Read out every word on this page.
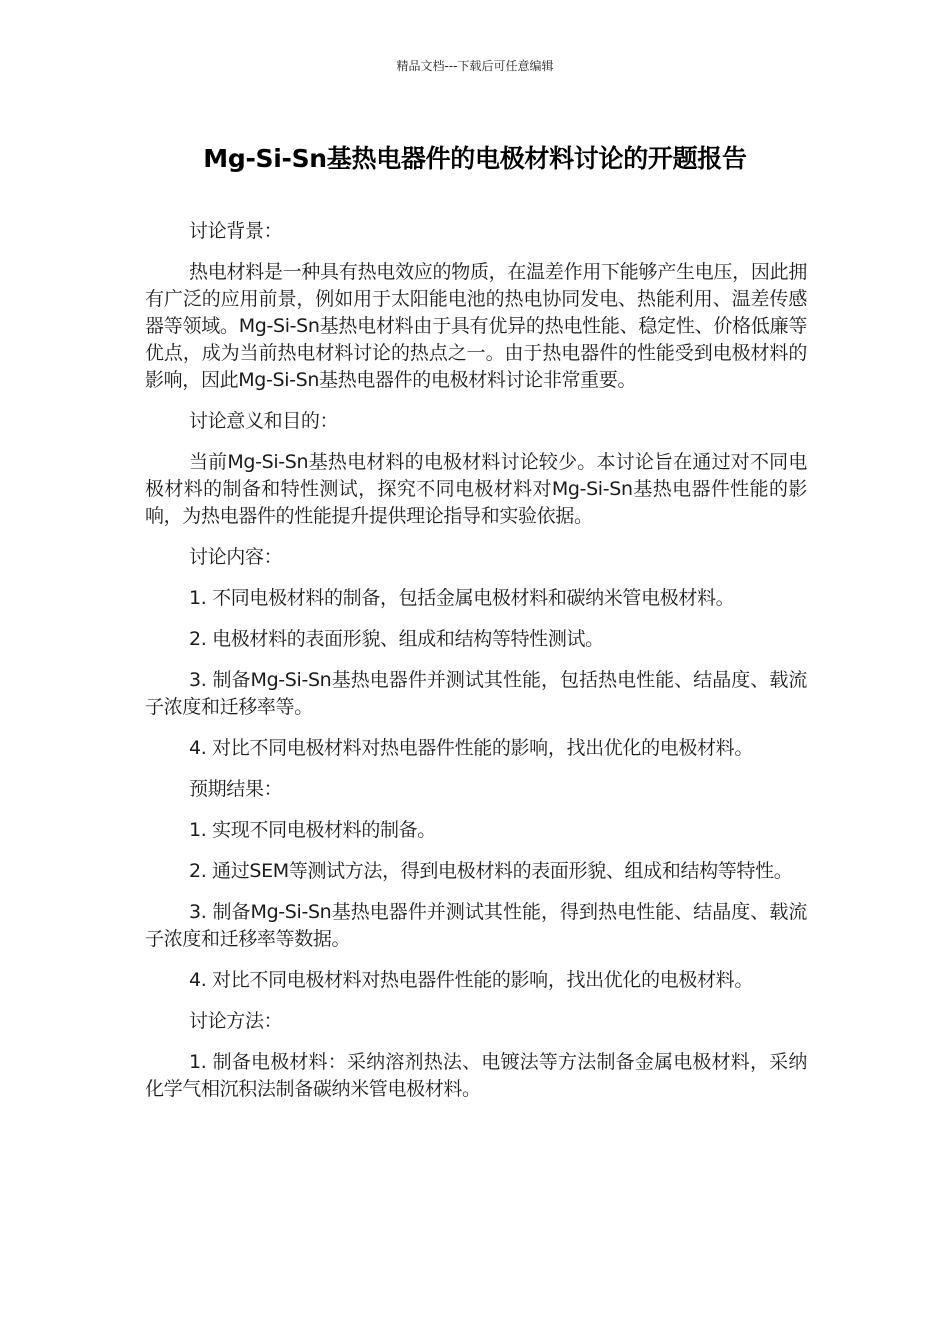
精品文档---下载后可任意编辑
Mg-Si-Sn基热电器件的电极材料讨论的开题报告

讨论背景：

热电材料是一种具有热电效应的物质，在温差作用下能够产生电压，因此拥有广泛的应用前景，例如用于太阳能电池的热电协同发电、热能利用、温差传感器等领域。Mg-Si-Sn基热电材料由于具有优异的热电性能、稳定性、价格低廉等优点，成为当前热电材料讨论的热点之一。由于热电器件的性能受到电极材料的影响，因此Mg-Si-Sn基热电器件的电极材料讨论非常重要。

讨论意义和目的：

当前Mg-Si-Sn基热电材料的电极材料讨论较少。本讨论旨在通过对不同电极材料的制备和特性测试，探究不同电极材料对Mg-Si-Sn基热电器件性能的影响，为热电器件的性能提升提供理论指导和实验依据。

讨论内容：

1. 不同电极材料的制备，包括金属电极材料和碳纳米管电极材料。

2. 电极材料的表面形貌、组成和结构等特性测试。

3. 制备Mg-Si-Sn基热电器件并测试其性能，包括热电性能、结晶度、载流子浓度和迁移率等。

4. 对比不同电极材料对热电器件性能的影响，找出优化的电极材料。

预期结果：

1. 实现不同电极材料的制备。

2. 通过SEM等测试方法，得到电极材料的表面形貌、组成和结构等特性。

3. 制备Mg-Si-Sn基热电器件并测试其性能，得到热电性能、结晶度、载流子浓度和迁移率等数据。

4. 对比不同电极材料对热电器件性能的影响，找出优化的电极材料。

讨论方法：

1. 制备电极材料：采纳溶剂热法、电镀法等方法制备金属电极材料，采纳化学气相沉积法制备碳纳米管电极材料。
